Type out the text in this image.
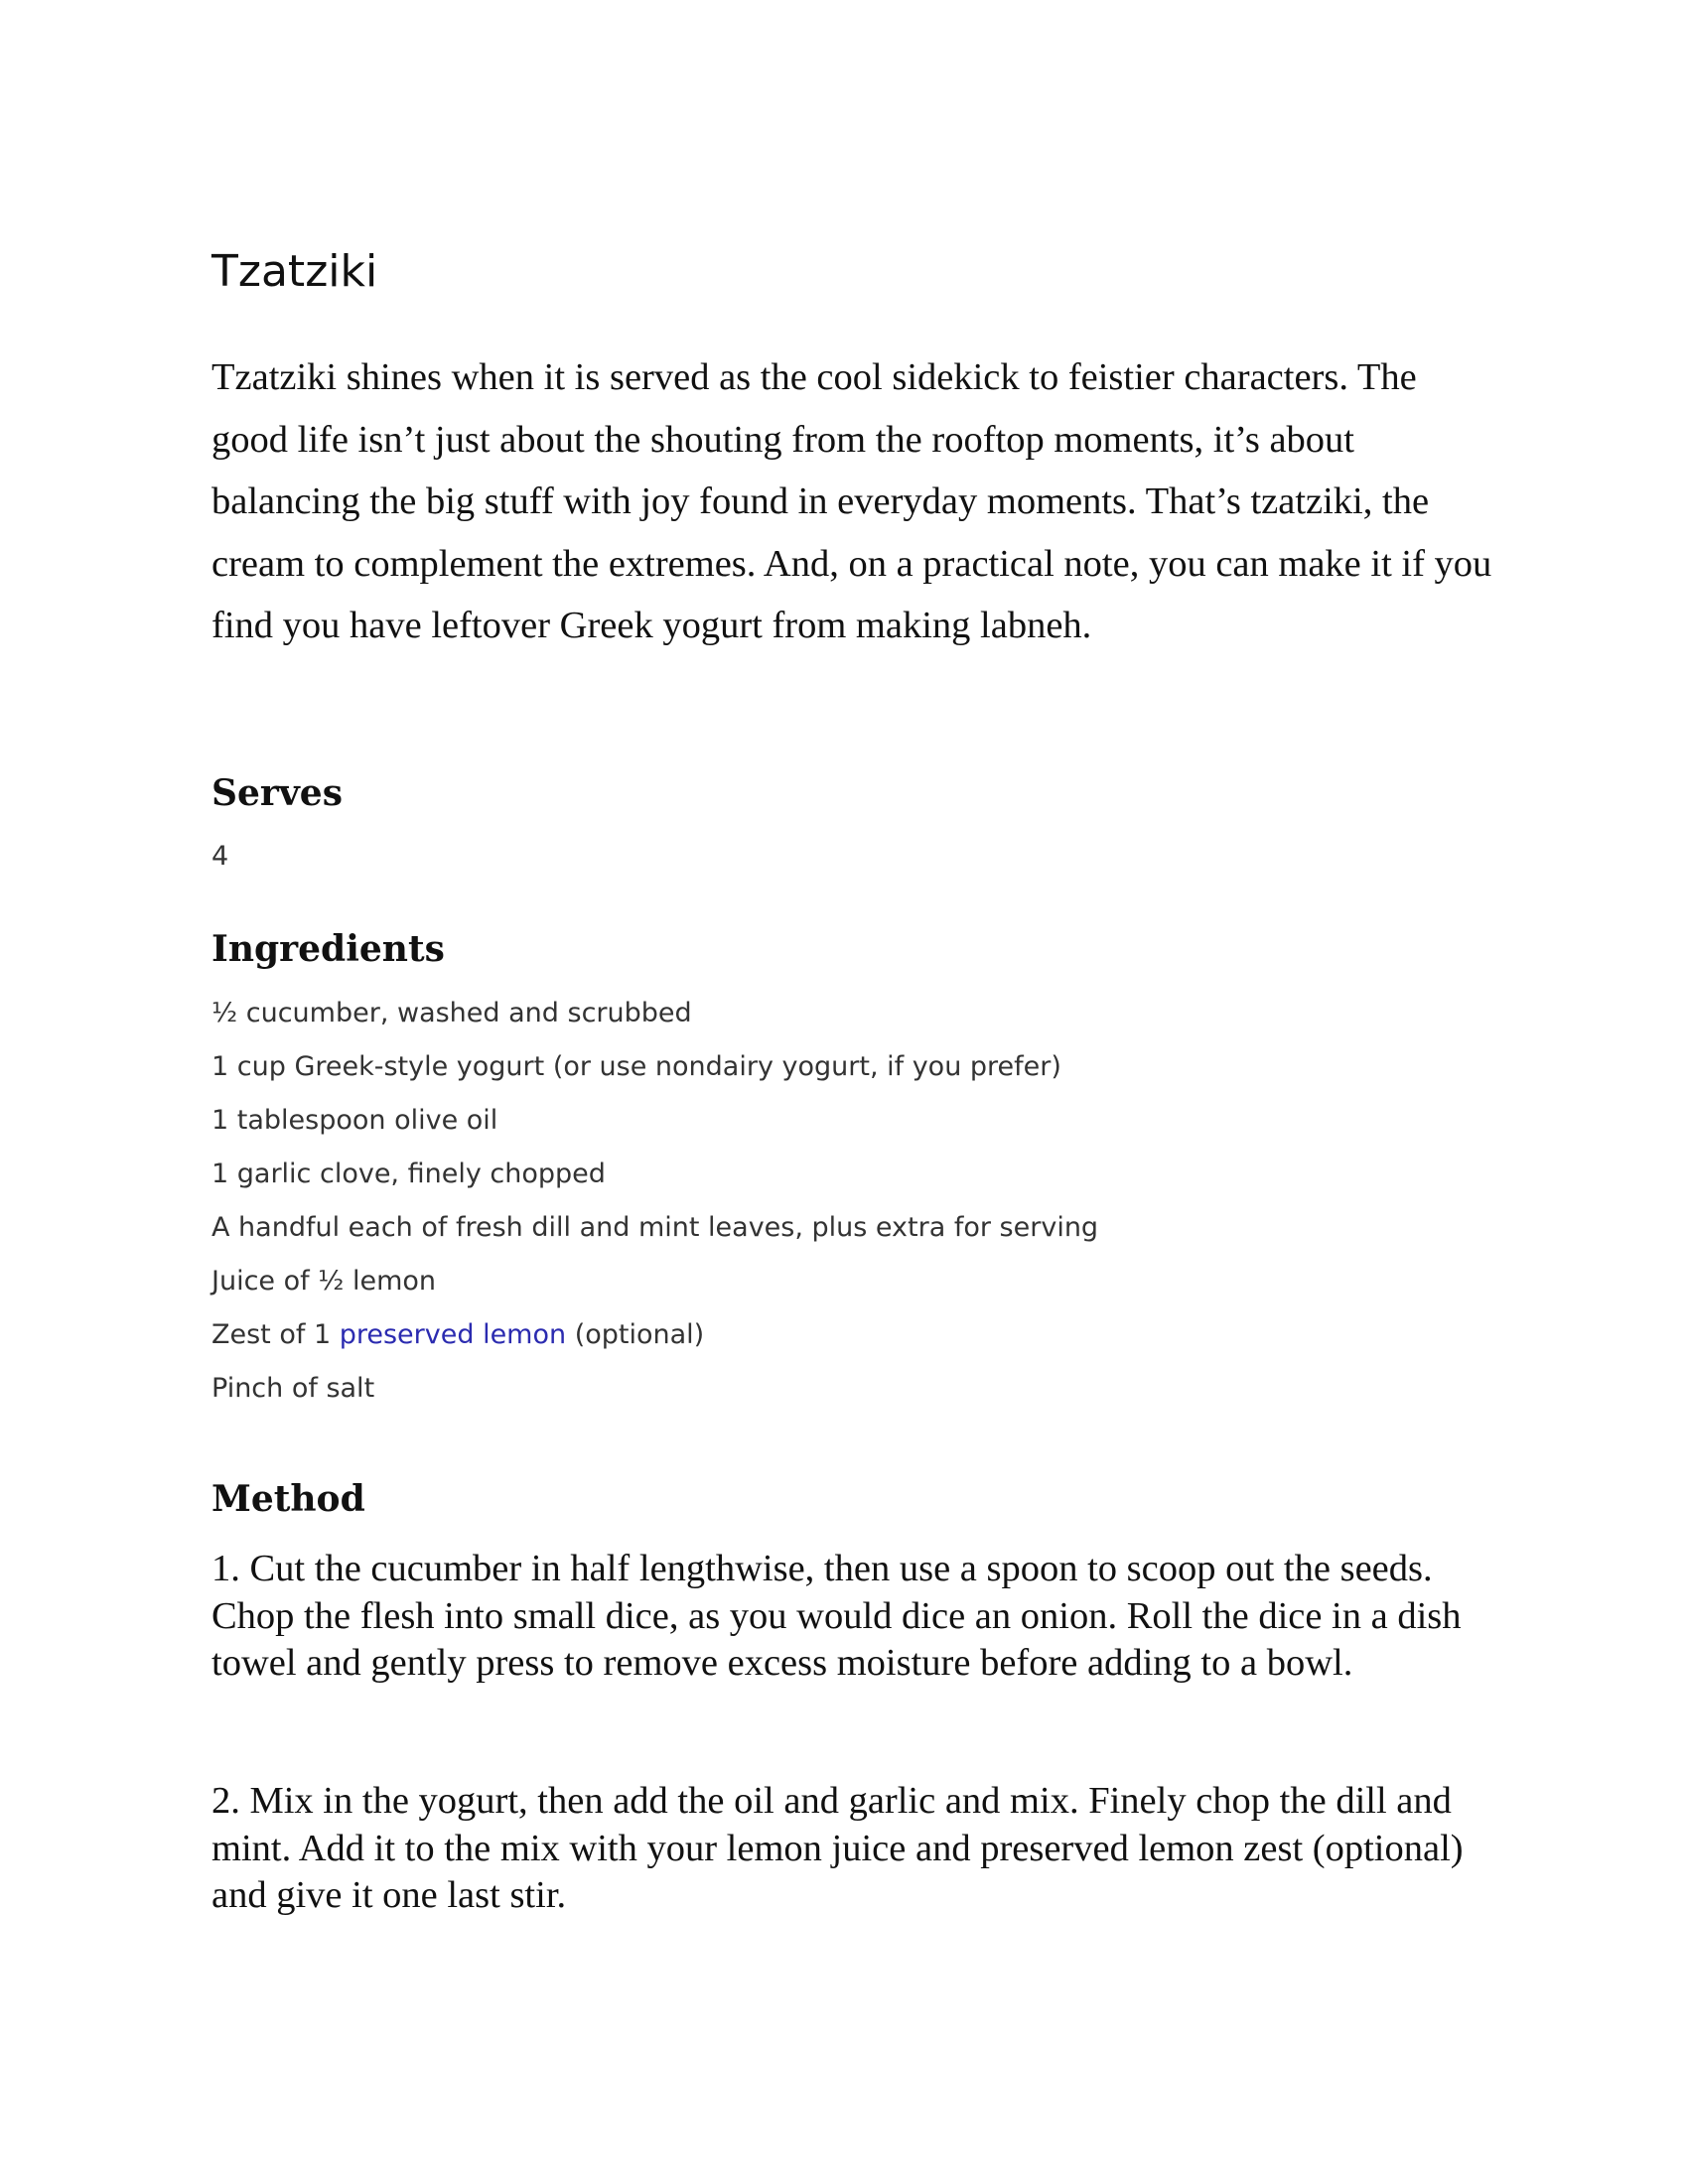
Tzatziki

Tzatziki shines when it is served as the cool sidekick to feistier characters. The good life isn’t just about the shouting from the rooftop moments, it’s about balancing the big stuff with joy found in everyday moments. That’s tzatziki, the cream to complement the extremes. And, on a practical note, you can make it if you find you have leftover Greek yogurt from making labneh.

Serves

4

Ingredients
½ cucumber, washed and scrubbed
1 cup Greek-style yogurt (or use nondairy yogurt, if you prefer)
1 tablespoon olive oil
1 garlic clove, finely chopped
A handful each of fresh dill and mint leaves, plus extra for serving
Juice of ½ lemon
Zest of 1 preserved lemon (optional)
Pinch of salt
Method

1. Cut the cucumber in half lengthwise, then use a spoon to scoop out the seeds. Chop the flesh into small dice, as you would dice an onion. Roll the dice in a dish towel and gently press to remove excess moisture before adding to a bowl.

2. Mix in the yogurt, then add the oil and garlic and mix. Finely chop the dill and mint. Add it to the mix with your lemon juice and preserved lemon zest (optional) and give it one last stir.
